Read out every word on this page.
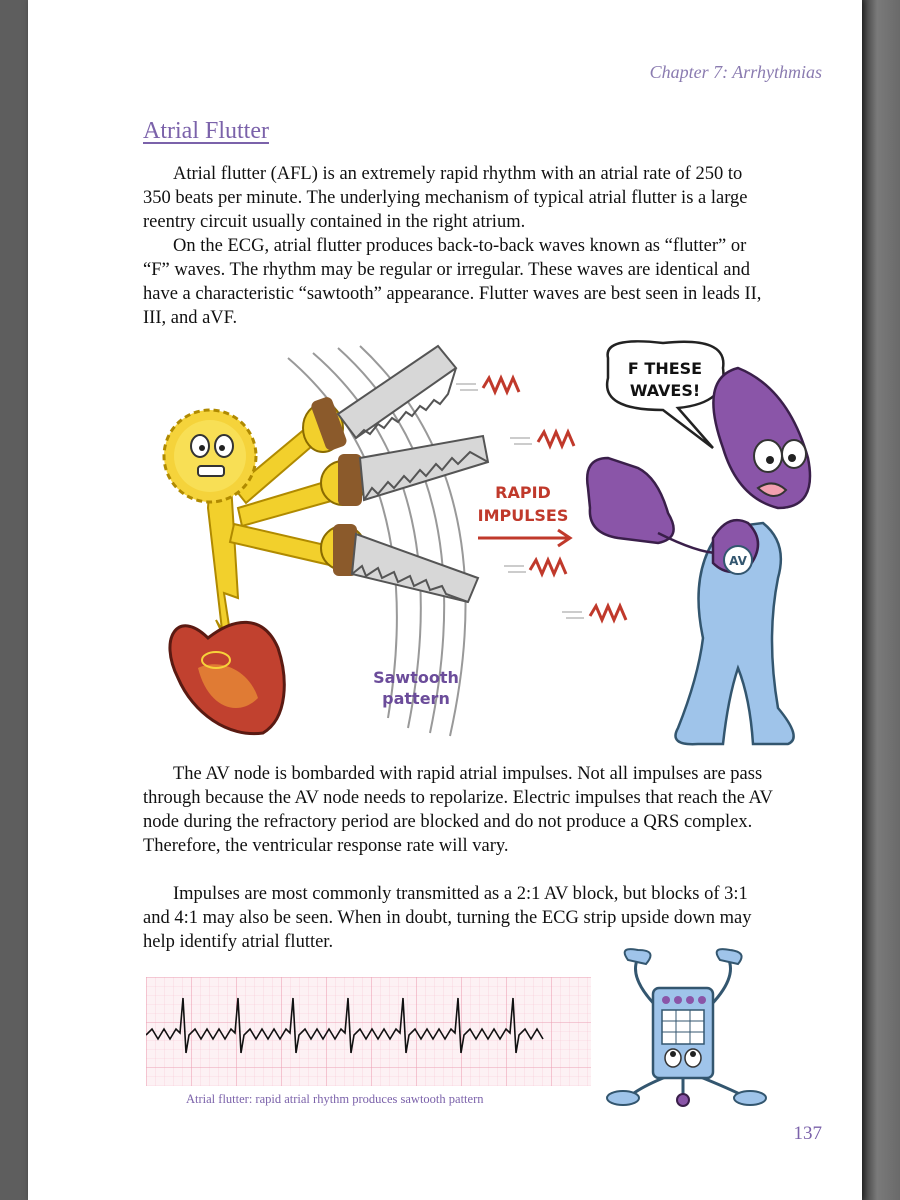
Chapter 7: Arrhythmias
Atrial Flutter

Atrial flutter (AFL) is an extremely rapid rhythm with an atrial rate of 250 to 350 beats per minute. The underlying mechanism of typical atrial flutter is a large reentry circuit usually contained in the right atrium.

On the ECG, atrial flutter produces back-to-back waves known as “flutter” or “F” waves. The rhythm may be regular or irregular. These waves are identical and have a characteristic “sawtooth” appearance. Flutter waves are best seen in leads II, III, and aVF.

RAPID
IMPULSES
Sawtooth
pattern
F THESE
WAVES!
AV

The AV node is bombarded with rapid atrial impulses. Not all impulses are pass through because the AV node needs to repolarize. Electric impulses that reach the AV node during the refractory period are blocked and do not produce a QRS complex. Therefore, the ventricular response rate will vary.

Impulses are most commonly transmitted as a 2:1 AV block, but blocks of 3:1 and 4:1 may also be seen. When in doubt, turning the ECG strip upside down may help identify atrial flutter.

Atrial flutter: rapid atrial rhythm produces sawtooth pattern
137
